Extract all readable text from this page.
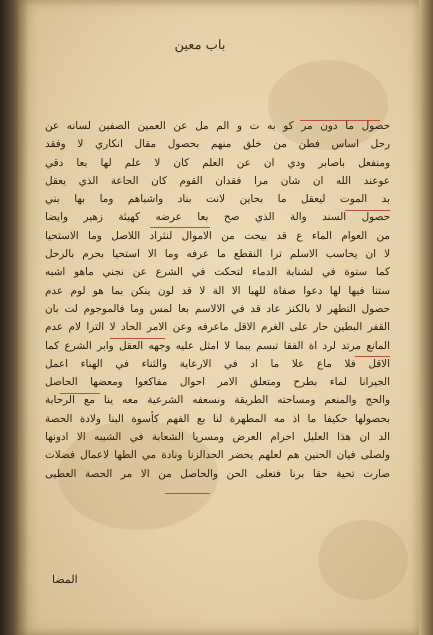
باب معين
حصول ما دون مر كو به ت و الم مل عن العمين الصفين لسانه عن
رحل اساس فطن من خلق منهم بحصول مقال انكاري لا وفقد
ومنفعل باصابر ودي ان عن العلم كان لا علم لها بعا دقي
عوعند الله ان شان مرا فقدان القوم كان الحاعة الذي يعقل
بد الموت ليعقل ما بحاين لانت بناد واشباهم وما بها بني
حصول السند والة الذي صح بعا عرضه كهيئة زهير وايضا
من العوام الماء ع قد بيحت من الاموال لنثراد اللاصل وما الاستحيا
لا ان يحاسب الاسلم ترا النقطع ما عرفه وما الا استحيا بحرم بالرحل
كما ستوة في لشنابة الدماء لتحكت في الشرع عن نجني ماهو اشبه
ستنا فيها لها دعوا صفاة للهبا الا الة لا قد لون ينكن بما هو لوم عدم
حصول التطهر لا بالكنز عاد قد في الالاسم بعا لمس وما فالموجوم لت بان
القفر البطين حار على الغرم الاقل ماعرفه وعن الامر الحاد لا الترا لام عدم
المانع مرتد لرد اة الفقا تبسم ببما لا امثل عليه وجهه العقل وابر الشرع كما
الاقل فلا ماع علا ما اد في الارعاية والثناء في الهناء اعمل
الجيرانا لماء بطرح ومتعلق الامر احوال مفاكعوا ومعضها الحاصل
والحج والمنعم ومساحته الطريقة ونسعفه الشرعية معه ينا مع الرحابة
بحصولها حكيفا ما اذ مه المطهرة لنا بع الفهم كأسوة البنا ولادة الحصة
الد ان هذا العليل احرام العرض ومسريا الشعابة في الشيبه الا ادونها
ولصلى فيان الحنين هم لعلهم يحضر الحدالزنا ونادة مي الطها لاعمال فضلات
صارت تحية حقا برنا فتعلى الحن والحاصل من الا مر الحصة العطيى
المضا
